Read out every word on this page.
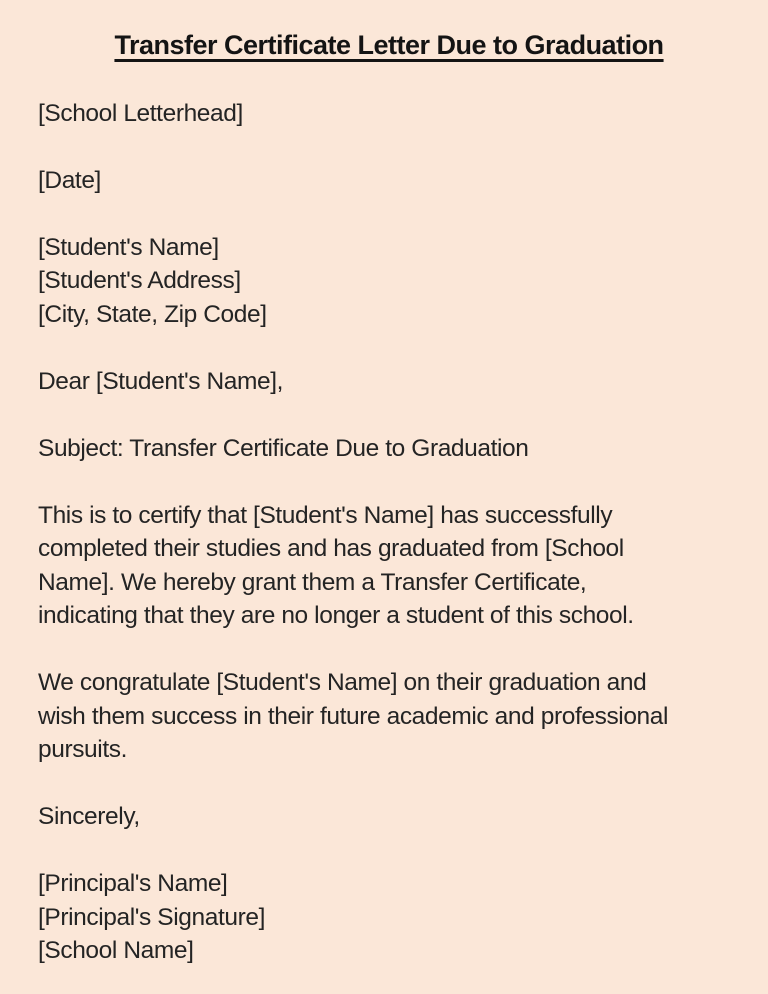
Transfer Certificate Letter Due to Graduation

[School Letterhead]

[Date]

[Student's Name]
[Student's Address]
[City, State, Zip Code]

Dear [Student's Name],

Subject: Transfer Certificate Due to Graduation

This is to certify that [Student's Name] has successfully
completed their studies and has graduated from [School
Name]. We hereby grant them a Transfer Certificate,
indicating that they are no longer a student of this school.
We congratulate [Student's Name] on their graduation and
wish them success in their future academic and professional
pursuits.

Sincerely,

[Principal's Name]
[Principal's Signature]
[School Name]
